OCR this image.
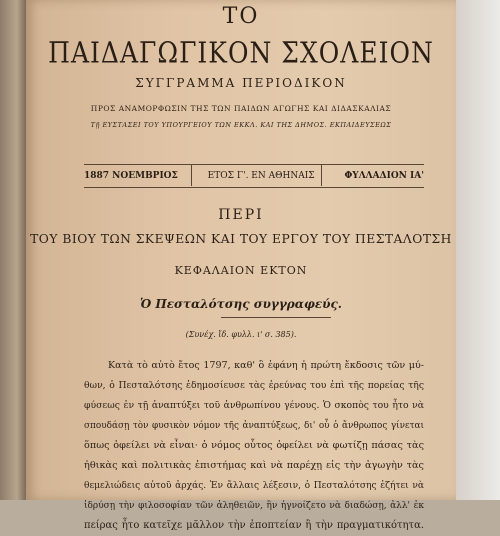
ΤΟ
ΠΑΙΔΑΓΩΓΙΚΟΝ ΣΧΟΛΕΙΟΝ
ΣΥΓΓΡΑΜΜΑ ΠΕΡΙΟΔΙΚΟΝ
ΠΡΟΣ ΑΝΑΜΟΡΦΩΣΙΝ ΤΗΣ ΤΩΝ ΠΑΙΔΩΝ ΑΓΩΓΗΣ ΚΑΙ ΔΙΔΑΣΚΑΛΙΑΣ
Τῇ ΕΥΣΤΑΣΕΙ ΤΟΥ ΥΠΟΥΡΓΕΙΟΥ ΤΩΝ ΕΚΚΛ. ΚΑΙ ΤΗΣ ΔΗΜΟΣ. ΕΚΠΑΙΔΕΥΣΕΩΣ
1887 ΝΟΕΜΒΡΙΟΣ	ΕΤΟΣ Γ'. ΕΝ ΑΘΗΝΑΙΣ	ΦΥΛΛΑΔΙΟΝ ΙΑ'
ΠΕΡΙ
ΤΟΥ ΒΙΟΥ ΤΩΝ ΣΚΕΨΕΩΝ ΚΑΙ ΤΟΥ ΕΡΓΟΥ ΤΟΥ ΠΕΣΤΑΛΟΤΣΗ
ΚΕΦΑΛΑΙΟΝ ΕΚΤΟΝ
Ὁ Πεσταλότσης συγγραφεύς.
(Συνέχ. ἴδ. φυλλ. ι' σ. 385).
Κατὰ τὸ αὐτὸ ἔτος 1797, καθ' ὃ ἐφάνη ἡ πρώτη ἔκδοσις τῶν μύ-
θων, ὁ Πεσταλότσης ἐδημοσίευσε τὰς ἐρεύνας του ἐπὶ τῆς πορείας τῆς
φύσεως ἐν τῇ ἀναπτύξει τοῦ ἀνθρωπίνου γένους. Ὁ σκοπὸς του ἦτο νὰ
σπουδάσῃ τὸν φυσικὸν νόμον τῆς ἀναπτύξεως, δι' οὗ ὁ ἄνθρωπος γίνεται
ὅπως ὀφείλει νὰ εἶναι· ὁ νόμος οὗτος ὀφείλει νὰ φωτίζῃ πάσας τὰς
ἠθικὰς καὶ πολιτικὰς ἐπιστήμας καὶ νὰ παρέχῃ εἰς τὴν ἀγωγὴν τὰς
θεμελιώδεις αὐτοῦ ἀρχάς. Ἐν ἄλλαις λέξεσιν, ὁ Πεσταλότσης ἐζήτει νὰ
ἱδρύσῃ τὴν φιλοσοφίαν τῶν ἀληθειῶν, ἣν ἠγνοίζετο νὰ διαδώσῃ, ἀλλ' ἐκ
πείρας ἦτο κατεῖχε μᾶλλον τὴν ἐποπτείαν ἢ τὴν πραγματικότητα.
